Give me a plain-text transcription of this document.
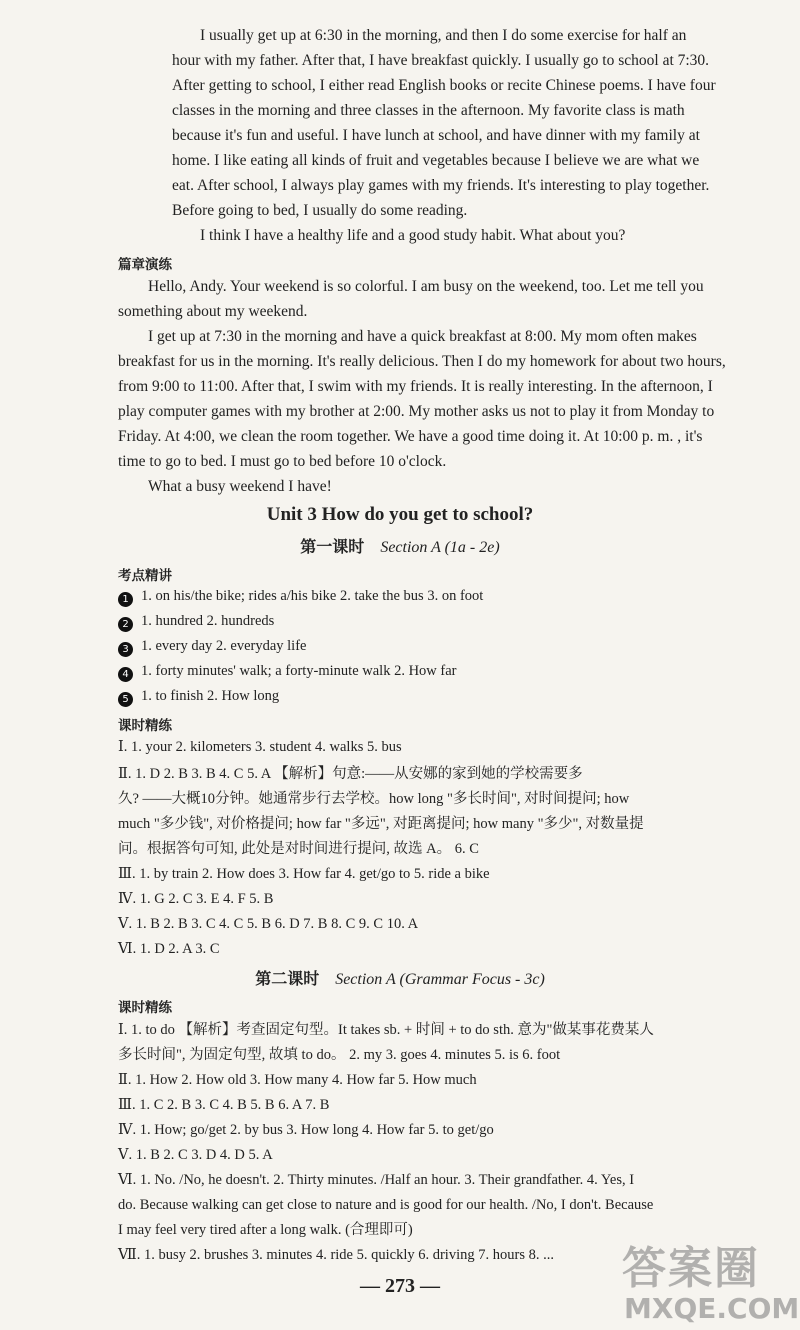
I usually get up at 6:30 in the morning, and then I do some exercise for half an
hour with my father. After that, I have breakfast quickly. I usually go to school at 7:30.
After getting to school, I either read English books or recite Chinese poems. I have four
classes in the morning and three classes in the afternoon. My favorite class is math
because it's fun and useful. I have lunch at school, and have dinner with my family at
home. I like eating all kinds of fruit and vegetables because I believe we are what we
eat. After school, I always play games with my friends. It's interesting to play together.
Before going to bed, I usually do some reading.
I think I have a healthy life and a good study habit. What about you?
篇章演练
Hello, Andy. Your weekend is so colorful. I am busy on the weekend, too. Let me tell you
something about my weekend.
I get up at 7:30 in the morning and have a quick breakfast at 8:00. My mom often makes
breakfast for us in the morning. It's really delicious. Then I do my homework for about two hours,
from 9:00 to 11:00. After that, I swim with my friends. It is really interesting. In the afternoon, I
play computer games with my brother at 2:00. My mother asks us not to play it from Monday to
Friday. At 4:00, we clean the room together. We have a good time doing it. At 10:00 p. m. , it's
time to go to bed. I must go to bed before 10 o'clock.
What a busy weekend I have!
Unit 3 How do you get to school?
第一课时 Section A (1a - 2e)
考点精讲
1 1. on his/the bike; rides a/his bike 2. take the bus 3. on foot
2 1. hundred 2. hundreds
3 1. every day 2. everyday life
4 1. forty minutes' walk; a forty-minute walk 2. How far
5 1. to finish 2. How long
课时精练
Ⅰ. 1. your 2. kilometers 3. student 4. walks 5. bus
Ⅱ. 1. D 2. B 3. B 4. C 5. A 【解析】句意:——从安娜的家到她的学校需要多
久? ——大概10分钟。她通常步行去学校。how long "多长时间", 对时间提问; how
much "多少钱", 对价格提问; how far "多远", 对距离提问; how many "多少", 对数量提
问。根据答句可知, 此处是对时间进行提问, 故选 A。 6. C
Ⅲ. 1. by train 2. How does 3. How far 4. get/go to 5. ride a bike
Ⅳ. 1. G 2. C 3. E 4. F 5. B
Ⅴ. 1. B 2. B 3. C 4. C 5. B 6. D 7. B 8. C 9. C 10. A
Ⅵ. 1. D 2. A 3. C
第二课时 Section A (Grammar Focus - 3c)
课时精练
Ⅰ. 1. to do 【解析】考查固定句型。It takes sb. + 时间 + to do sth. 意为"做某事花费某人
多长时间", 为固定句型, 故填 to do。 2. my 3. goes 4. minutes 5. is 6. foot
Ⅱ. 1. How 2. How old 3. How many 4. How far 5. How much
Ⅲ. 1. C 2. B 3. C 4. B 5. B 6. A 7. B
Ⅳ. 1. How; go/get 2. by bus 3. How long 4. How far 5. to get/go
Ⅴ. 1. B 2. C 3. D 4. D 5. A
Ⅵ. 1. No. /No, he doesn't. 2. Thirty minutes. /Half an hour. 3. Their grandfather. 4. Yes, I
do. Because walking can get close to nature and is good for our health. /No, I don't. Because
I may feel very tired after a long walk. (合理即可)
Ⅶ. 1. busy 2. brushes 3. minutes 4. ride 5. quickly 6. driving 7. hours 8. ...
— 273 —	答案圈
MXQE.COM
